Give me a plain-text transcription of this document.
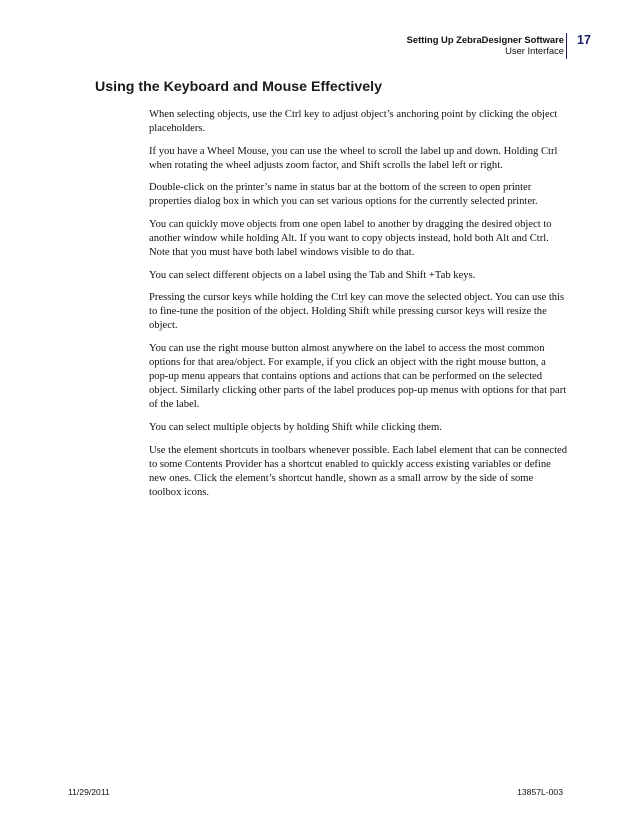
Setting Up ZebraDesigner Software
User Interface
17
Using the Keyboard and Mouse Effectively

When selecting objects, use the Ctrl key to adjust object’s anchoring point by clicking the object placeholders.

If you have a Wheel Mouse, you can use the wheel to scroll the label up and down. Holding Ctrl when rotating the wheel adjusts zoom factor, and Shift scrolls the label left or right.

Double-click on the printer’s name in status bar at the bottom of the screen to open printer properties dialog box in which you can set various options for the currently selected printer.

You can quickly move objects from one open label to another by dragging the desired object to another window while holding Alt. If you want to copy objects instead, hold both Alt and Ctrl. Note that you must have both label windows visible to do that.

You can select different objects on a label using the Tab and Shift +Tab keys.

Pressing the cursor keys while holding the Ctrl key can move the selected object. You can use this to fine-tune the position of the object. Holding Shift while pressing cursor keys will resize the object.

You can use the right mouse button almost anywhere on the label to access the most common options for that area/object. For example, if you click an object with the right mouse button, a pop-up menu appears that contains options and actions that can be performed on the selected object. Similarly clicking other parts of the label produces pop-up menus with options for that part of the label.

You can select multiple objects by holding Shift while clicking them.

Use the element shortcuts in toolbars whenever possible. Each label element that can be connected to some Contents Provider has a shortcut enabled to quickly access existing variables or define new ones. Click the element’s shortcut handle, shown as a small arrow by the side of some toolbox icons.

11/29/2011	13857L-003
